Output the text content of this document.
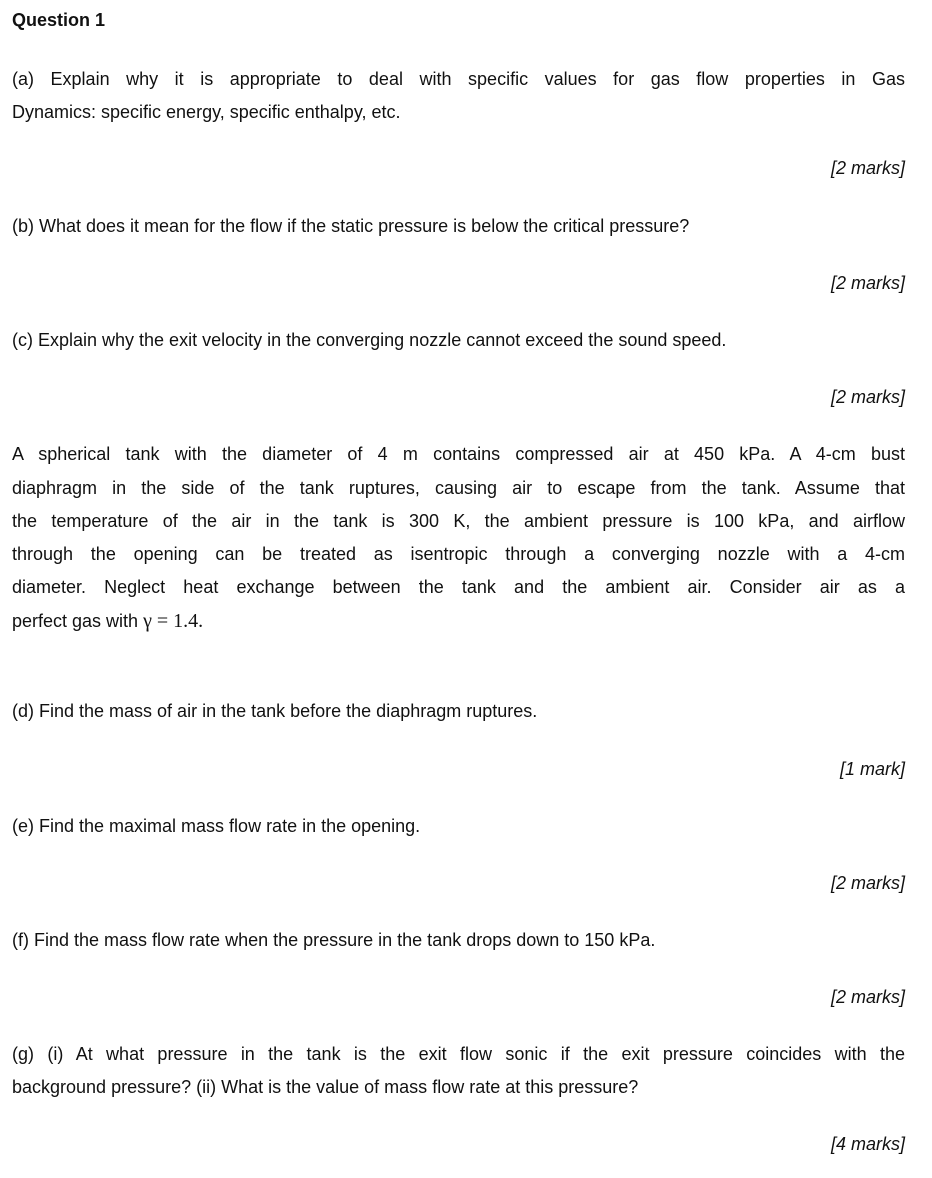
Question 1
(a) Explain why it is appropriate to deal with specific values for gas flow properties in Gas
Dynamics: specific energy, specific enthalpy, etc.
[2 marks]
(b) What does it mean for the flow if the static pressure is below the critical pressure?
[2 marks]
(c) Explain why the exit velocity in the converging nozzle cannot exceed the sound speed.
[2 marks]
A spherical tank with the diameter of 4 m contains compressed air at 450 kPa. A 4-cm bust
diaphragm in the side of the tank ruptures, causing air to escape from the tank. Assume that
the temperature of the air in the tank is 300 K, the ambient pressure is 100 kPa, and airflow
through the opening can be treated as isentropic through a converging nozzle with a 4-cm
diameter. Neglect heat exchange between the tank and the ambient air. Consider air as a
perfect gas with γ = 1.4.
(d) Find the mass of air in the tank before the diaphragm ruptures.
[1 mark]
(e) Find the maximal mass flow rate in the opening.
[2 marks]
(f) Find the mass flow rate when the pressure in the tank drops down to 150 kPa.
[2 marks]
(g) (i) At what pressure in the tank is the exit flow sonic if the exit pressure coincides with the
background pressure? (ii) What is the value of mass flow rate at this pressure?
[4 marks]
